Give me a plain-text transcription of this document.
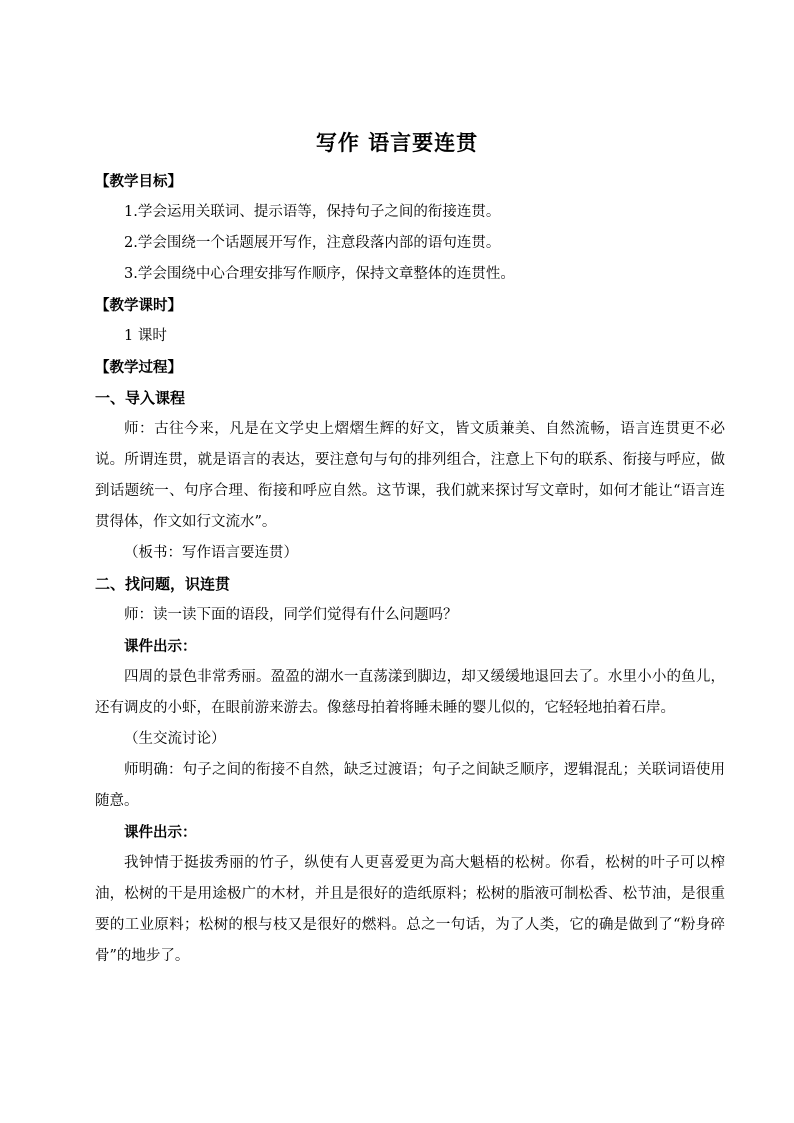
写作 语言要连贯
【教学目标】
1.学会运用关联词、提示语等，保持句子之间的衔接连贯。
2.学会围绕一个话题展开写作，注意段落内部的语句连贯。
3.学会围绕中心合理安排写作顺序，保持文章整体的连贯性。
【教学课时】
1 课时
【教学过程】
一、导入课程

师：古往今来，凡是在文学史上熠熠生辉的好文，皆文质兼美、自然流畅，语言连贯更不必说。所谓连贯，就是语言的表达，要注意句与句的排列组合，注意上下句的联系、衔接与呼应，做到话题统一、句序合理、衔接和呼应自然。这节课，我们就来探讨写文章时，如何才能让“语言连贯得体，作文如行文流水”。

（板书：写作语言要连贯）
二、找问题，识连贯
师：读一读下面的语段，同学们觉得有什么问题吗？
课件出示：

四周的景色非常秀丽。盈盈的湖水一直荡漾到脚边，却又缓缓地退回去了。水里小小的鱼儿，还有调皮的小虾，在眼前游来游去。像慈母拍着将睡未睡的婴儿似的，它轻轻地拍着石岸。

（生交流讨论）

师明确：句子之间的衔接不自然，缺乏过渡语；句子之间缺乏顺序，逻辑混乱；关联词语使用随意。

课件出示：

我钟情于挺拔秀丽的竹子，纵使有人更喜爱更为高大魁梧的松树。你看，松树的叶子可以榨油，松树的干是用途极广的木材，并且是很好的造纸原料；松树的脂液可制松香、松节油，是很重要的工业原料；松树的根与枝又是很好的燃料。总之一句话，为了人类，它的确是做到了“粉身碎骨”的地步了。
